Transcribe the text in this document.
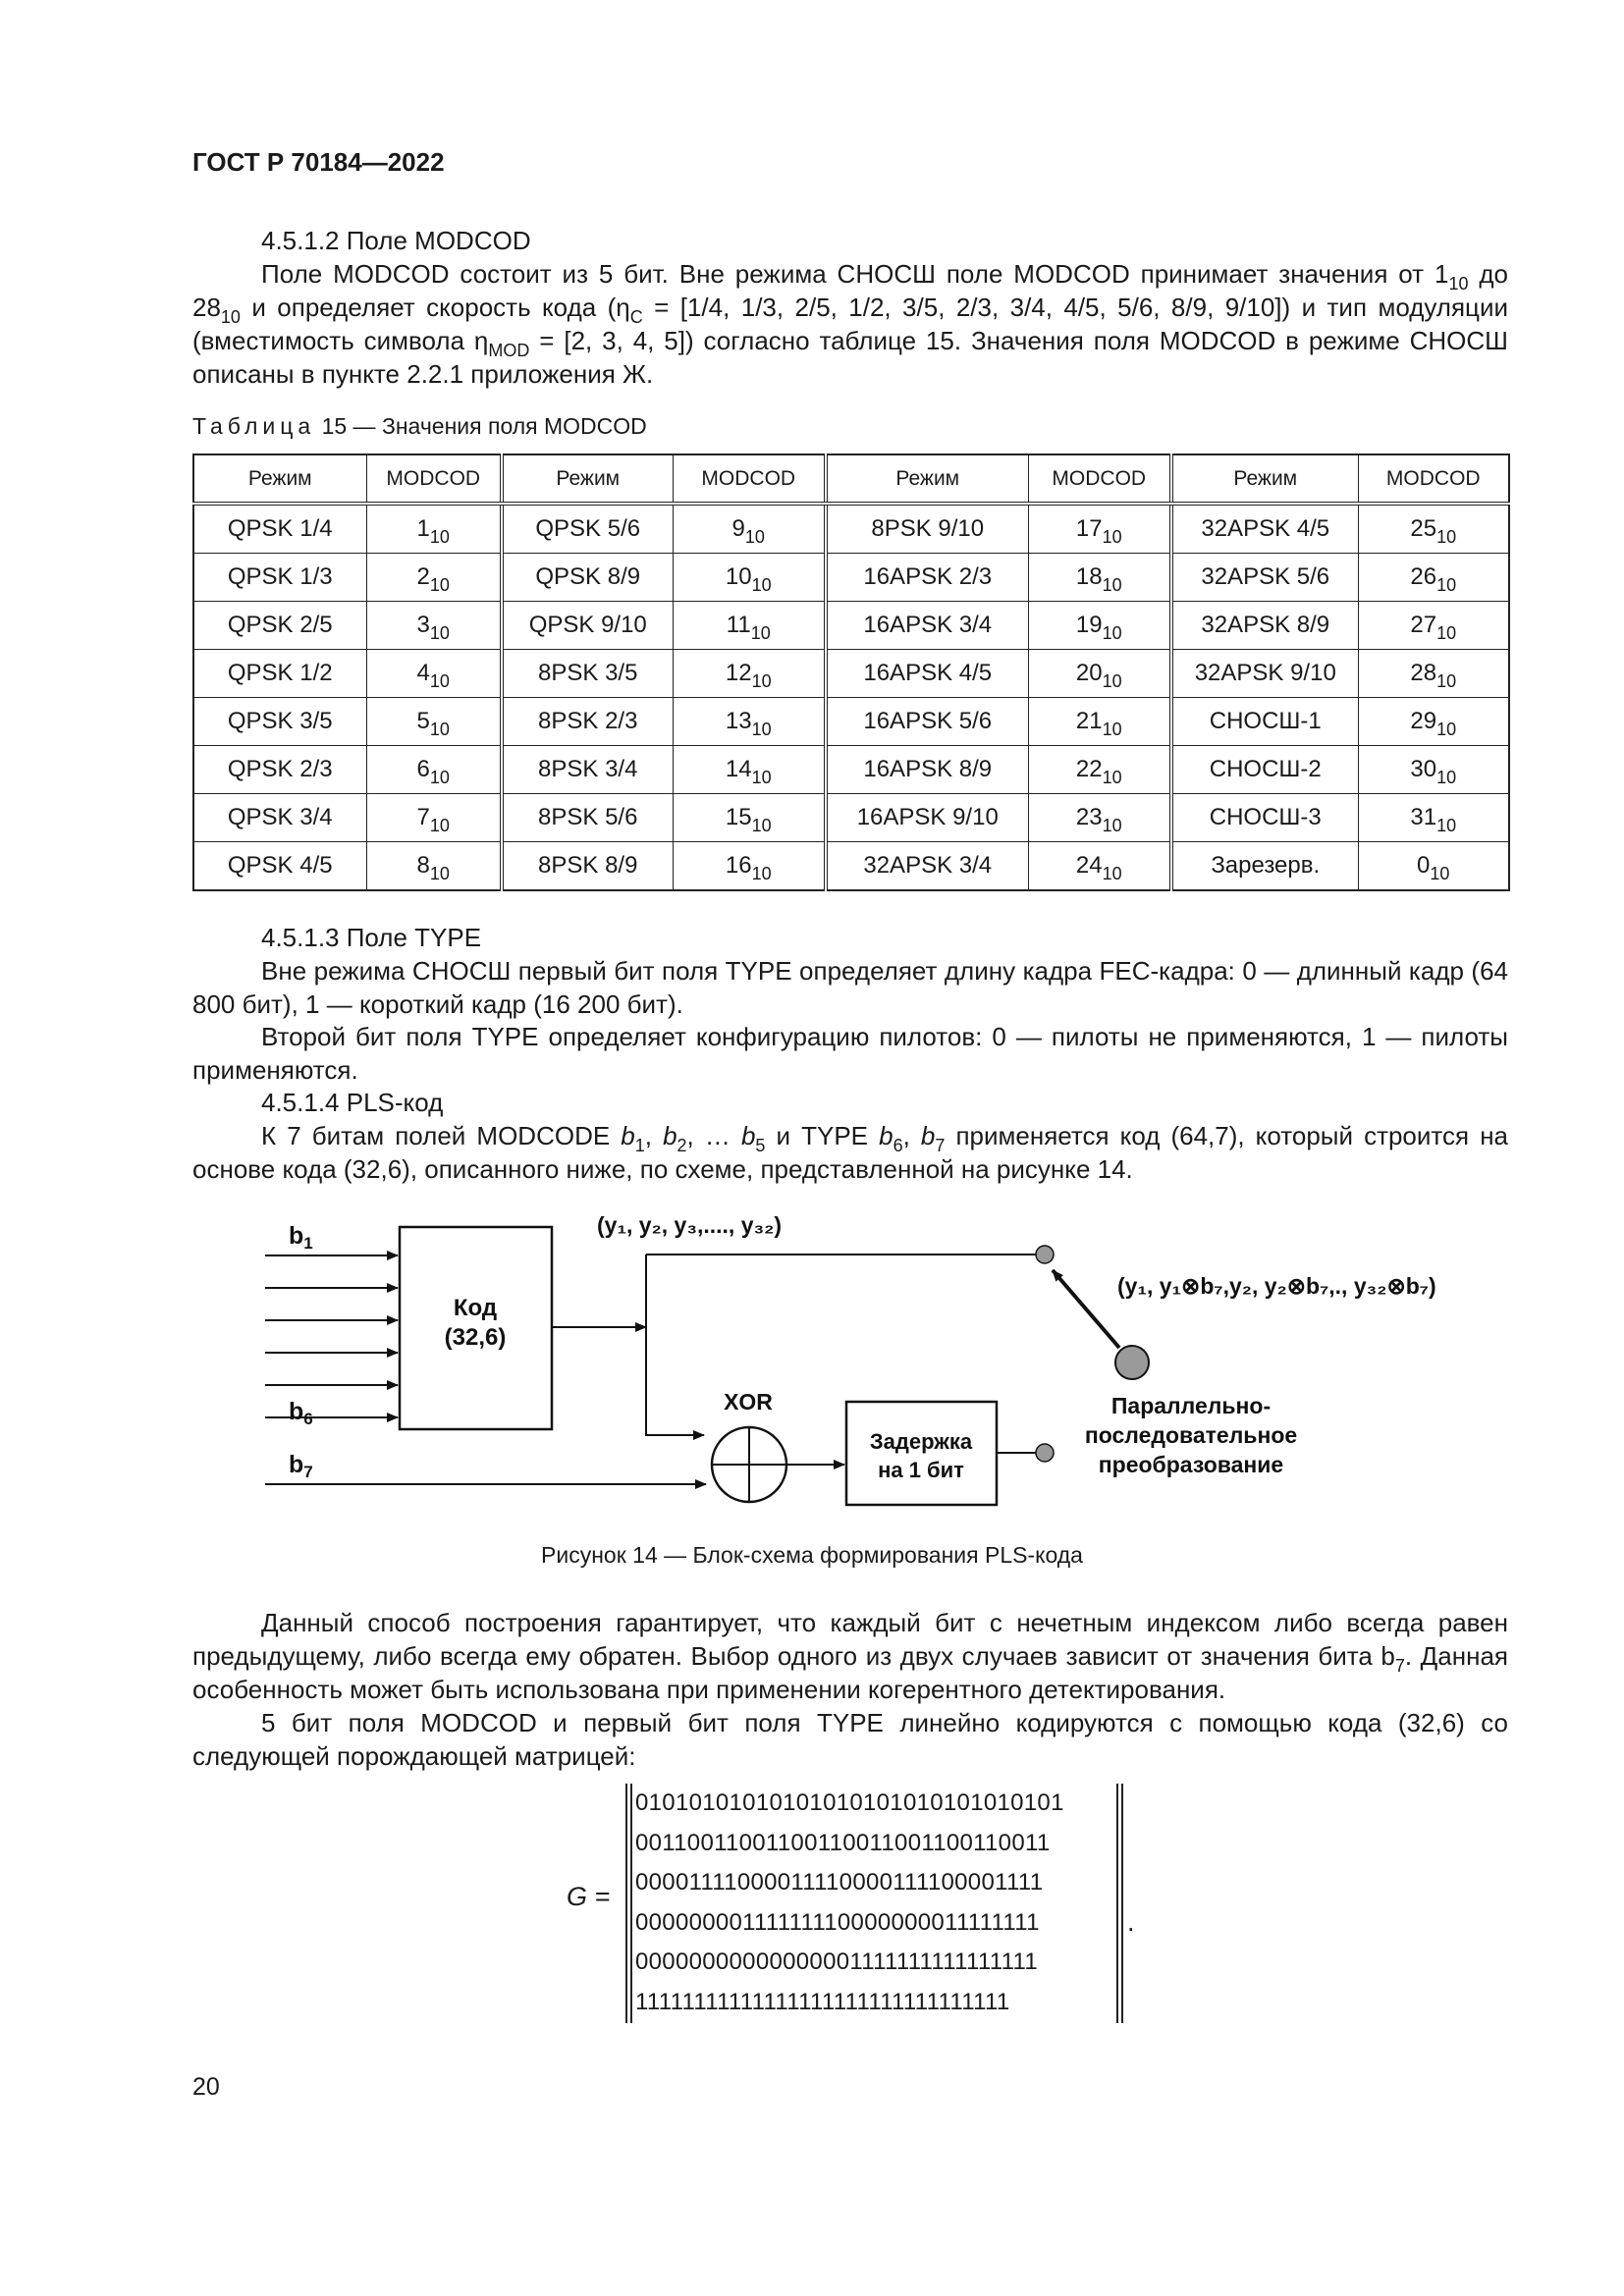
ГОСТ Р 70184—2022
4.5.1.2 Поле MODCOD
Поле MODCOD состоит из 5 бит. Вне режима СНОСШ поле MODCOD принимает значения от $1_{10}$ до $28_{10}$ и определяет скорость кода ($\eta_C = [1/4$, 1/3, 2/5, 1/2, 3/5, 2/3, 3/4, 4/5, 5/6, 8/9, 9/10]) и тип модуляции (вместимость символа $\eta_{MOD} = [2$, 3, 4, 5]) согласно таблице 15. Значения поля MODCOD в режиме СНОСШ описаны в пункте 2.2.1 приложения Ж.
Таблица 15 — Значения поля MODCOD
Режим	MODCOD	Режим	MODCOD	Режим	MODCOD	Режим	MODCOD
QPSK 1/4	$1_{10}$	QPSK 5/6	$9_{10}$	8PSK 9/10	$17_{10}$	32APSK 4/5	$25_{10}$
QPSK 1/3	$2_{10}$	QPSK 8/9	$10_{10}$	16APSK 2/3	$18_{10}$	32APSK 5/6	$26_{10}$
QPSK 2/5	$3_{10}$	QPSK 9/10	$11_{10}$	16APSK 3/4	$19_{10}$	32APSK 8/9	$27_{10}$
QPSK 1/2	$4_{10}$	8PSK 3/5	$12_{10}$	16APSK 4/5	$20_{10}$	32APSK 9/10	$28_{10}$
QPSK 3/5	$5_{10}$	8PSK 2/3	$13_{10}$	16APSK 5/6	$21_{10}$	СНОСШ-1	$29_{10}$
QPSK 2/3	$6_{10}$	8PSK 3/4	$14_{10}$	16APSK 8/9	$22_{10}$	СНОСШ-2	$30_{10}$
QPSK 3/4	$7_{10}$	8PSK 5/6	$15_{10}$	16APSK 9/10	$23_{10}$	СНОСШ-3	$31_{10}$
QPSK 4/5	$8_{10}$	8PSK 8/9	$16_{10}$	32APSK 3/4	$24_{10}$	Зарезерв.	$0_{10}$
4.5.1.3 Поле TYPE
Вне режима СНОСШ первый бит поля TYPE определяет длину кадра FEC-кадра: 0 — длинный кадр (64 800 бит), 1 — короткий кадр (16 200 бит).
Второй бит поля TYPE определяет конфигурацию пилотов: 0 — пилоты не применяются, 1 — пилоты применяются.
4.5.1.4 PLS-код
К 7 битам полей MODCODE $b_1$, $b_2$, … $b_5$ и TYPE $b_6$, $b_7$ применяется код (64,7), который строится на основе кода (32,6), описанного ниже, по схеме, представленной на рисунке 14.
$b_1$
$b_6$
$b_7$
Код
(32,6)
(y₁, y₂, y₃,...., y₃₂)
XOR
Задержка
на 1 бит
(y₁, y₁⊗b₇,y₂, y₂⊗b₇,., y₃₂⊗b₇)
Параллельно-
последовательное
преобразование
Рисунок 14 — Блок-схема формирования PLS-кода
Данный способ построения гарантирует, что каждый бит с нечетным индексом либо всегда равен предыдущему, либо всегда ему обратен. Выбор одного из двух случаев зависит от значения бита $b_7$. Данная особенность может быть использована при применении когерентного детектирования.
5 бит поля MODCOD и первый бит поля TYPE линейно кодируются с помощью кода (32,6) со следующей порождающей матрицей:
G =
01010101010101010101010101010101
00110011001100110011001100110011
00001111000011110000111100001111
00000000111111110000000011111111
00000000000000001111111111111111
11111111111111111111111111111111
.
20
